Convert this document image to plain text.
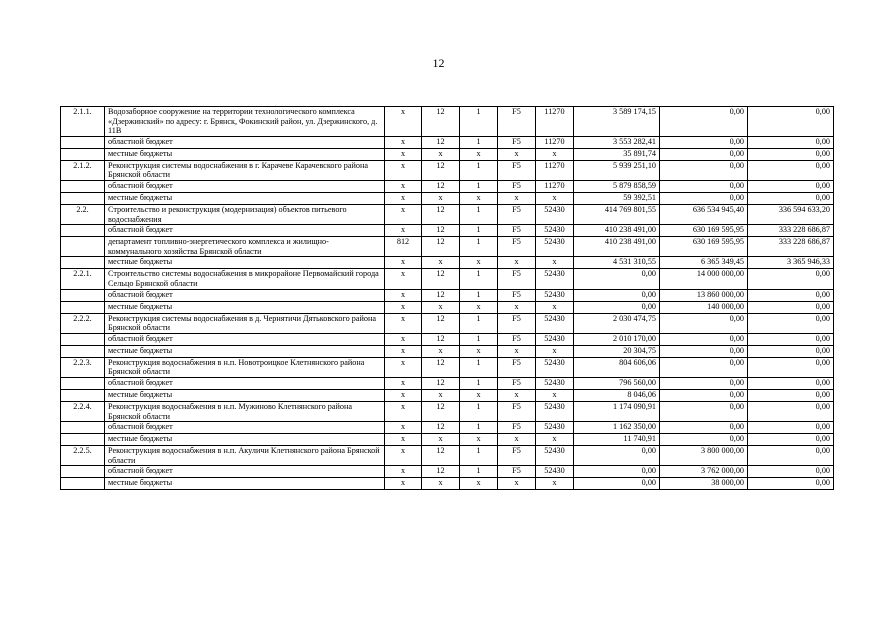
12
2.1.1.	Водозаборное сооружение на территории технологического комплекса «Дзержинский» по адресу: г. Брянск, Фокинский район, ул. Дзержинского, д. 11В	х	12	1	F5	11270	3 589 174,15	0,00	0,00
	областной бюджет	х	12	1	F5	11270	3 553 282,41	0,00	0,00
	местные бюджеты	х	х	х	х	х	35 891,74	0,00	0,00
2.1.2.	Реконструкция системы водоснабжения в г. Карачеве Карачевского района Брянской области	х	12	1	F5	11270	5 939 251,10	0,00	0,00
	областной бюджет	х	12	1	F5	11270	5 879 858,59	0,00	0,00
	местные бюджеты	х	х	х	х	х	59 392,51	0,00	0,00
2.2.	Строительство и реконструкция (модернизация) объектов питьевого водоснабжения	х	12	1	F5	52430	414 769 801,55	636 534 945,40	336 594 633,20
	областной бюджет	х	12	1	F5	52430	410 238 491,00	630 169 595,95	333 228 686,87
	департамент топливно-энергетического комплекса и жилищно-коммунального хозяйства Брянской области	812	12	1	F5	52430	410 238 491,00	630 169 595,95	333 228 686,87
	местные бюджеты	х	х	х	х	х	4 531 310,55	6 365 349,45	3 365 946,33
2.2.1.	Строительство системы водоснабжения в микрорайоне Первомайский города Сельцо Брянской области	х	12	1	F5	52430	0,00	14 000 000,00	0,00
	областной бюджет	х	12	1	F5	52430	0,00	13 860 000,00	0,00
	местные бюджеты	х	х	х	х	х	0,00	140 000,00	0,00
2.2.2.	Реконструкция системы водоснабжения в д. Чернятичи Дятьковского района Брянской области	х	12	1	F5	52430	2 030 474,75	0,00	0,00
	областной бюджет	х	12	1	F5	52430	2 010 170,00	0,00	0,00
	местные бюджеты	х	х	х	х	х	20 304,75	0,00	0,00
2.2.3.	Реконструкция водоснабжения в н.п. Новотроицкое Клетнянского района Брянской области	х	12	1	F5	52430	804 606,06	0,00	0,00
	областной бюджет	х	12	1	F5	52430	796 560,00	0,00	0,00
	местные бюджеты	х	х	х	х	х	8 046,06	0,00	0,00
2.2.4.	Реконструкция водоснабжения в н.п. Мужиново Клетнянского района Брянской области	х	12	1	F5	52430	1 174 090,91	0,00	0,00
	областной бюджет	х	12	1	F5	52430	1 162 350,00	0,00	0,00
	местные бюджеты	х	х	х	х	х	11 740,91	0,00	0,00
2.2.5.	Реконструкция водоснабжения в н.п. Акуличи Клетнянского района Брянской области	х	12	1	F5	52430	0,00	3 800 000,00	0,00
	областной бюджет	х	12	1	F5	52430	0,00	3 762 000,00	0,00
	местные бюджеты	х	х	х	х	х	0,00	38 000,00	0,00
